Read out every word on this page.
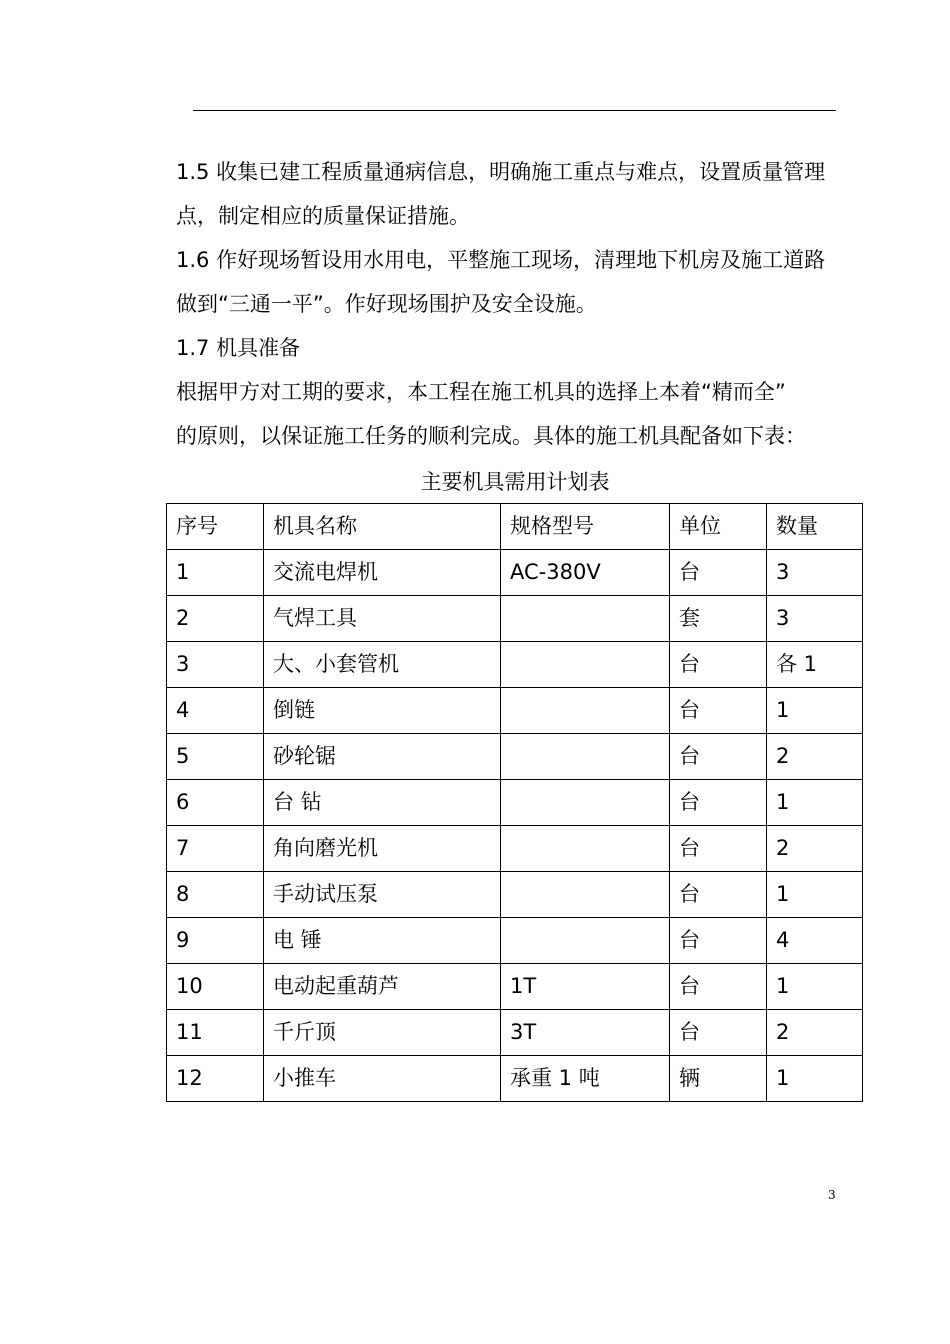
1.5 收集已建工程质量通病信息，明确施工重点与难点，设置质量管理
点，制定相应的质量保证措施。
1.6 作好现场暂设用水用电，平整施工现场，清理地下机房及施工道路
做到“三通一平”。作好现场围护及安全设施。
1.7 机具准备
根据甲方对工期的要求，本工程在施工机具的选择上本着“精而全”
的原则，以保证施工任务的顺利完成。具体的施工机具配备如下表：
主要机具需用计划表
序号	机具名称	规格型号	单位	数量
1	交流电焊机	AC-380V	台	3
2	气焊工具		套	3
3	大、小套管机		台	各 1
4	倒链		台	1
5	砂轮锯		台	2
6	台 钻		台	1
7	角向磨光机		台	2
8	手动试压泵		台	1
9	电 锤		台	4
10	电动起重葫芦	1T	台	1
11	千斤顶	3T	台	2
12	小推车	承重 1 吨	辆	1
3
